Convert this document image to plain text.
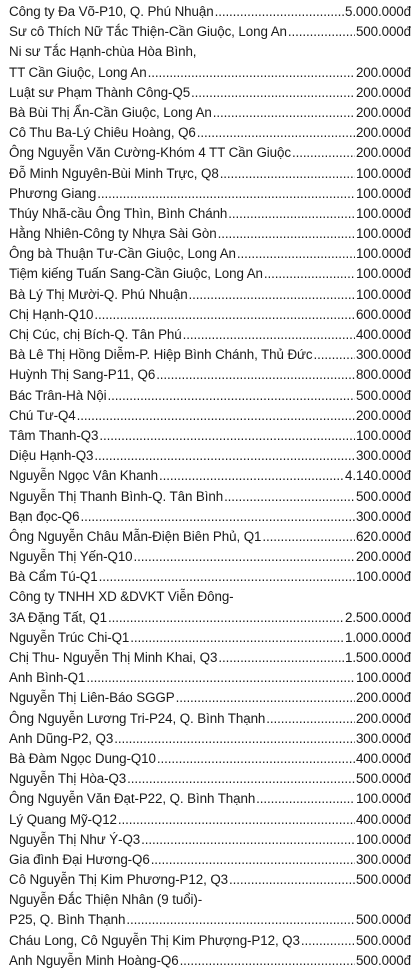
Công ty Đa Võ-P10, Q. Phú Nhuận .....	5.000.000đ
Sư cô Thích Nữ Tắc Thiện-Cần Giuộc, Long An .....	500.000đ
Ni sư Tắc Hạnh-chùa Hòa Bình,
TT Cần Giuộc, Long An .....	200.000đ
Luật sư Phạm Thành Công-Q5 .....	200.000đ
Bà Bùi Thị Ẩn-Cần Giuộc, Long An .....	200.000đ
Cô Thu Ba-Lý Chiêu Hoàng, Q6 .....	200.000đ
Ông Nguyễn Văn Cường-Khóm 4 TT Cần Giuộc .....	200.000đ
Đỗ Minh Nguyên-Bùi Minh Trực, Q8 .....	100.000đ
Phương Giang .....	100.000đ
Thúy Nhã-cầu Ông Thìn, Bình Chánh .....	100.000đ
Hằng Nhiên-Công ty Nhựa Sài Gòn .....	100.000đ
Ông bà Thuận Tư-Cần Giuộc, Long An .....	100.000đ
Tiệm kiếng Tuấn Sang-Cần Giuộc, Long An .....	100.000đ
Bà Lý Thị Mười-Q. Phú Nhuận .....	100.000đ
Chị Hạnh-Q10 .....	600.000đ
Chị Cúc, chị Bích-Q. Tân Phú .....	400.000đ
Bà Lê Thị Hồng Diễm-P. Hiệp Bình Chánh, Thủ Đức .....	300.000đ
Huỳnh Thị Sang-P11, Q6 .....	800.000đ
Bác Trân-Hà Nội .....	500.000đ
Chú Tư-Q4 .....	200.000đ
Tâm Thanh-Q3 .....	100.000đ
Diệu Hạnh-Q3 .....	300.000đ
Nguyễn Ngọc Vân Khanh .....	4.140.000đ
Nguyễn Thị Thanh Bình-Q. Tân Bình .....	500.000đ
Bạn đọc-Q6 .....	300.000đ
Ông Nguyễn Châu Mẫn-Điện Biên Phủ, Q1 .....	620.000đ
Nguyễn Thị Yến-Q10 .....	200.000đ
Bà Cẩm Tú-Q1 .....	100.000đ
Công ty TNHH XD &DVKT Viễn Đông-
3A Đặng Tất, Q1 .....	2.500.000đ
Nguyễn Trúc Chi-Q1 .....	1.000.000đ
Chị Thu- Nguyễn Thị Minh Khai, Q3 .....	1.500.000đ
Anh Bình-Q1 .....	100.000đ
Nguyễn Thị Liên-Báo SGGP .....	200.000đ
Ông Nguyễn Lương Tri-P24, Q. Bình Thạnh .....	200.000đ
Anh Dũng-P2, Q3 .....	300.000đ
Bà Đàm Ngọc Dung-Q10 .....	400.000đ
Nguyễn Thị Hòa-Q3 .....	500.000đ
Ông Nguyễn Văn Đạt-P22, Q. Bình Thạnh .....	100.000đ
Lý Quang Mỹ-Q12 .....	400.000đ
Nguyễn Thị Như Ý-Q3 .....	100.000đ
Gia đình Đại Hương-Q6 .....	300.000đ
Cô Nguyễn Thị Kim Phương-P12, Q3 .....	500.000đ
Nguyễn Đắc Thiện Nhân (9 tuổi)-
P25, Q. Bình Thạnh .....	500.000đ
Cháu Long, Cô Nguyễn Thị Kim Phượng-P12, Q3 .....	500.000đ
Anh Nguyễn Minh Hoàng-Q6 .....	500.000đ
